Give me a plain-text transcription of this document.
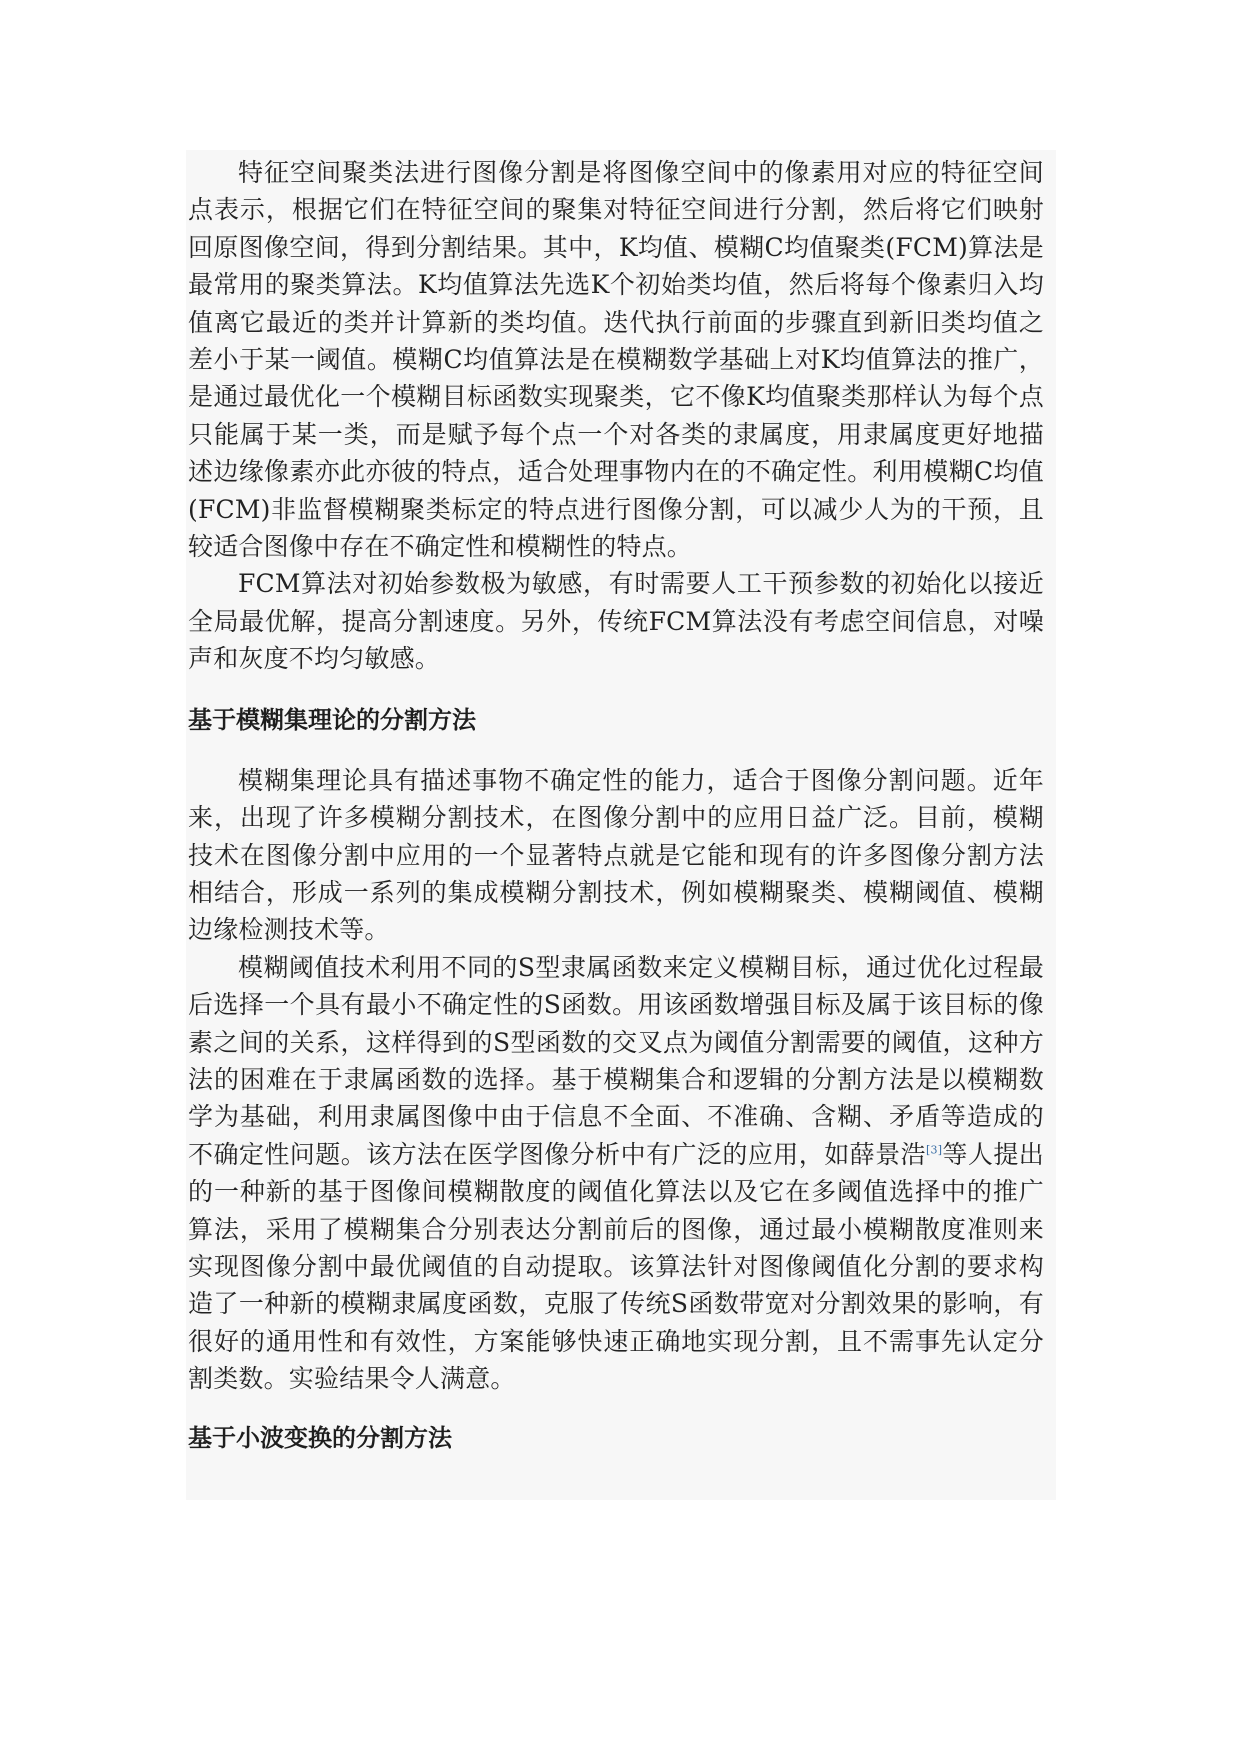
特征空间聚类法进行图像分割是将图像空间中的像素用对应的特征空间点表示，根据它们在特征空间的聚集对特征空间进行分割，然后将它们映射回原图像空间，得到分割结果。其中，K均值、模糊C均值聚类(FCM)算法是最常用的聚类算法。K均值算法先选K个初始类均值，然后将每个像素归入均值离它最近的类并计算新的类均值。迭代执行前面的步骤直到新旧类均值之差小于某一阈值。模糊C均值算法是在模糊数学基础上对K均值算法的推广，是通过最优化一个模糊目标函数实现聚类，它不像K均值聚类那样认为每个点只能属于某一类，而是赋予每个点一个对各类的隶属度，用隶属度更好地描述边缘像素亦此亦彼的特点，适合处理事物内在的不确定性。利用模糊C均值(FCM)非监督模糊聚类标定的特点进行图像分割，可以减少人为的干预，且较适合图像中存在不确定性和模糊性的特点。

FCM算法对初始参数极为敏感，有时需要人工干预参数的初始化以接近全局最优解，提高分割速度。另外，传统FCM算法没有考虑空间信息，对噪声和灰度不均匀敏感。

基于模糊集理论的分割方法

模糊集理论具有描述事物不确定性的能力，适合于图像分割问题。近年来，出现了许多模糊分割技术，在图像分割中的应用日益广泛。目前，模糊技术在图像分割中应用的一个显著特点就是它能和现有的许多图像分割方法相结合，形成一系列的集成模糊分割技术，例如模糊聚类、模糊阈值、模糊边缘检测技术等。

模糊阈值技术利用不同的S型隶属函数来定义模糊目标，通过优化过程最后选择一个具有最小不确定性的S函数。用该函数增强目标及属于该目标的像素之间的关系，这样得到的S型函数的交叉点为阈值分割需要的阈值，这种方法的困难在于隶属函数的选择。基于模糊集合和逻辑的分割方法是以模糊数学为基础，利用隶属图像中由于信息不全面、不准确、含糊、矛盾等造成的不确定性问题。该方法在医学图像分析中有广泛的应用，如薛景浩[3]等人提出的一种新的基于图像间模糊散度的阈值化算法以及它在多阈值选择中的推广算法，采用了模糊集合分别表达分割前后的图像，通过最小模糊散度准则来实现图像分割中最优阈值的自动提取。该算法针对图像阈值化分割的要求构造了一种新的模糊隶属度函数，克服了传统S函数带宽对分割效果的影响，有很好的通用性和有效性，方案能够快速正确地实现分割，且不需事先认定分割类数。实验结果令人满意。

基于小波变换的分割方法
